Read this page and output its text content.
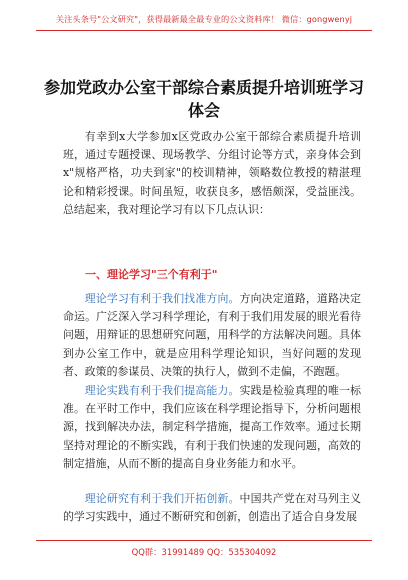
关注头条号"公文研究"，获得最新最全最专业的公文资料库！ 微信：gongwenyj
参加党政办公室干部综合素质提升培训班学习体会

有幸到x大学参加x区党政办公室干部综合素质提升培训班，通过专题授课、现场教学、分组讨论等方式，亲身体会到x"规格严格，功夫到家"的校训精神，领略数位教授的精湛理论和精彩授课。时间虽短，收获良多，感悟颇深，受益匪浅。总结起来，我对理论学习有以下几点认识：

一、理论学习"三个有利于"

理论学习有利于我们找准方向。方向决定道路，道路决定命运。广泛深入学习科学理论，有利于我们用发展的眼光看待问题，用辩证的思想研究问题，用科学的方法解决问题。具体到办公室工作中，就是应用科学理论知识，当好问题的发现者、政策的参谋员、决策的执行人，做到不走偏，不跑题。

理论实践有利于我们提高能力。实践是检验真理的唯一标准。在平时工作中，我们应该在科学理论指导下，分析问题根源，找到解决办法，制定科学措施，提高工作效率。通过长期坚持对理论的不断实践，有利于我们快速的发现问题，高效的制定措施，从而不断的提高自身业务能力和水平。

理论研究有利于我们开拓创新。中国共产党在对马列主义的学习实践中，通过不断研究和创新，创造出了适合自身发展

QQ群：31991489 QQ：535304092
